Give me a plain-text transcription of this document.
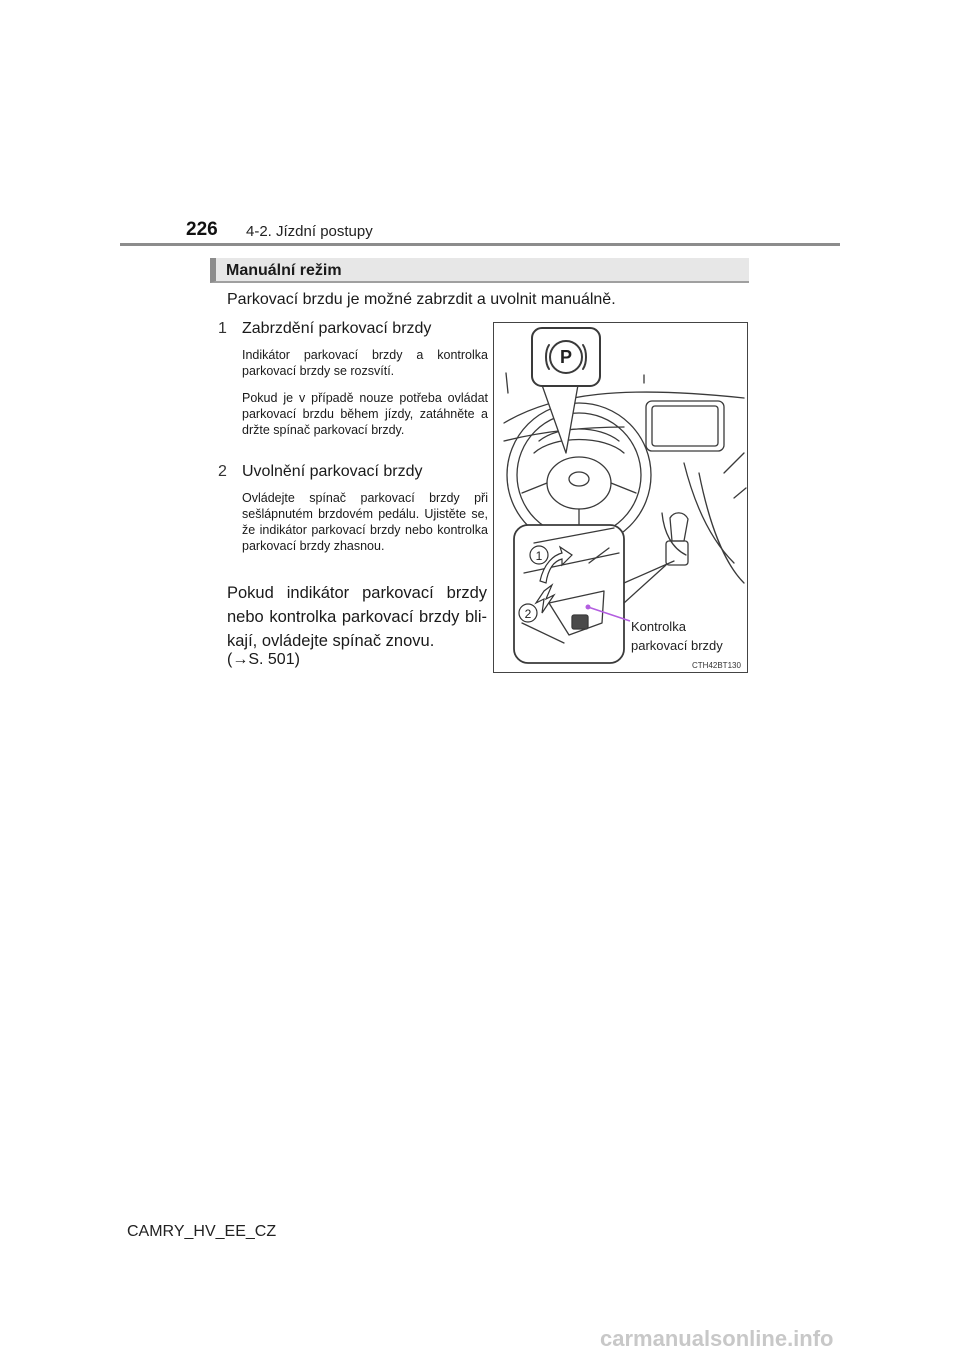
226 4-2. Jízdní postupy
Manuální režim
Parkovací brzdu je možné zabrzdit a uvolnit manuálně.
1 Zabrzdění parkovací brzdy
Indikátor parkovací brzdy a kontrolka parkovací brzdy se rozsvítí.
Pokud je v případě nouze potřeba ovládat parkovací brzdu během jízdy, zatáhněte a držte spínač parkovací brzdy.
2 Uvolnění parkovací brzdy
Ovládejte spínač parkovací brzdy při sešlápnutém brzdovém pedálu. Ujistěte se, že indikátor parkovací brzdy nebo kontrolka parkovací brzdy zhasnou.
Pokud indikátor parkovací brzdy nebo kontrolka parkovací brzdy bli-kají, ovládejte spínač znovu.
(→S. 501)
P
1
2
Kontrolka
parkovací brzdy
CTH42BT130
CAMRY_HV_EE_CZ
carmanualsonline.info
